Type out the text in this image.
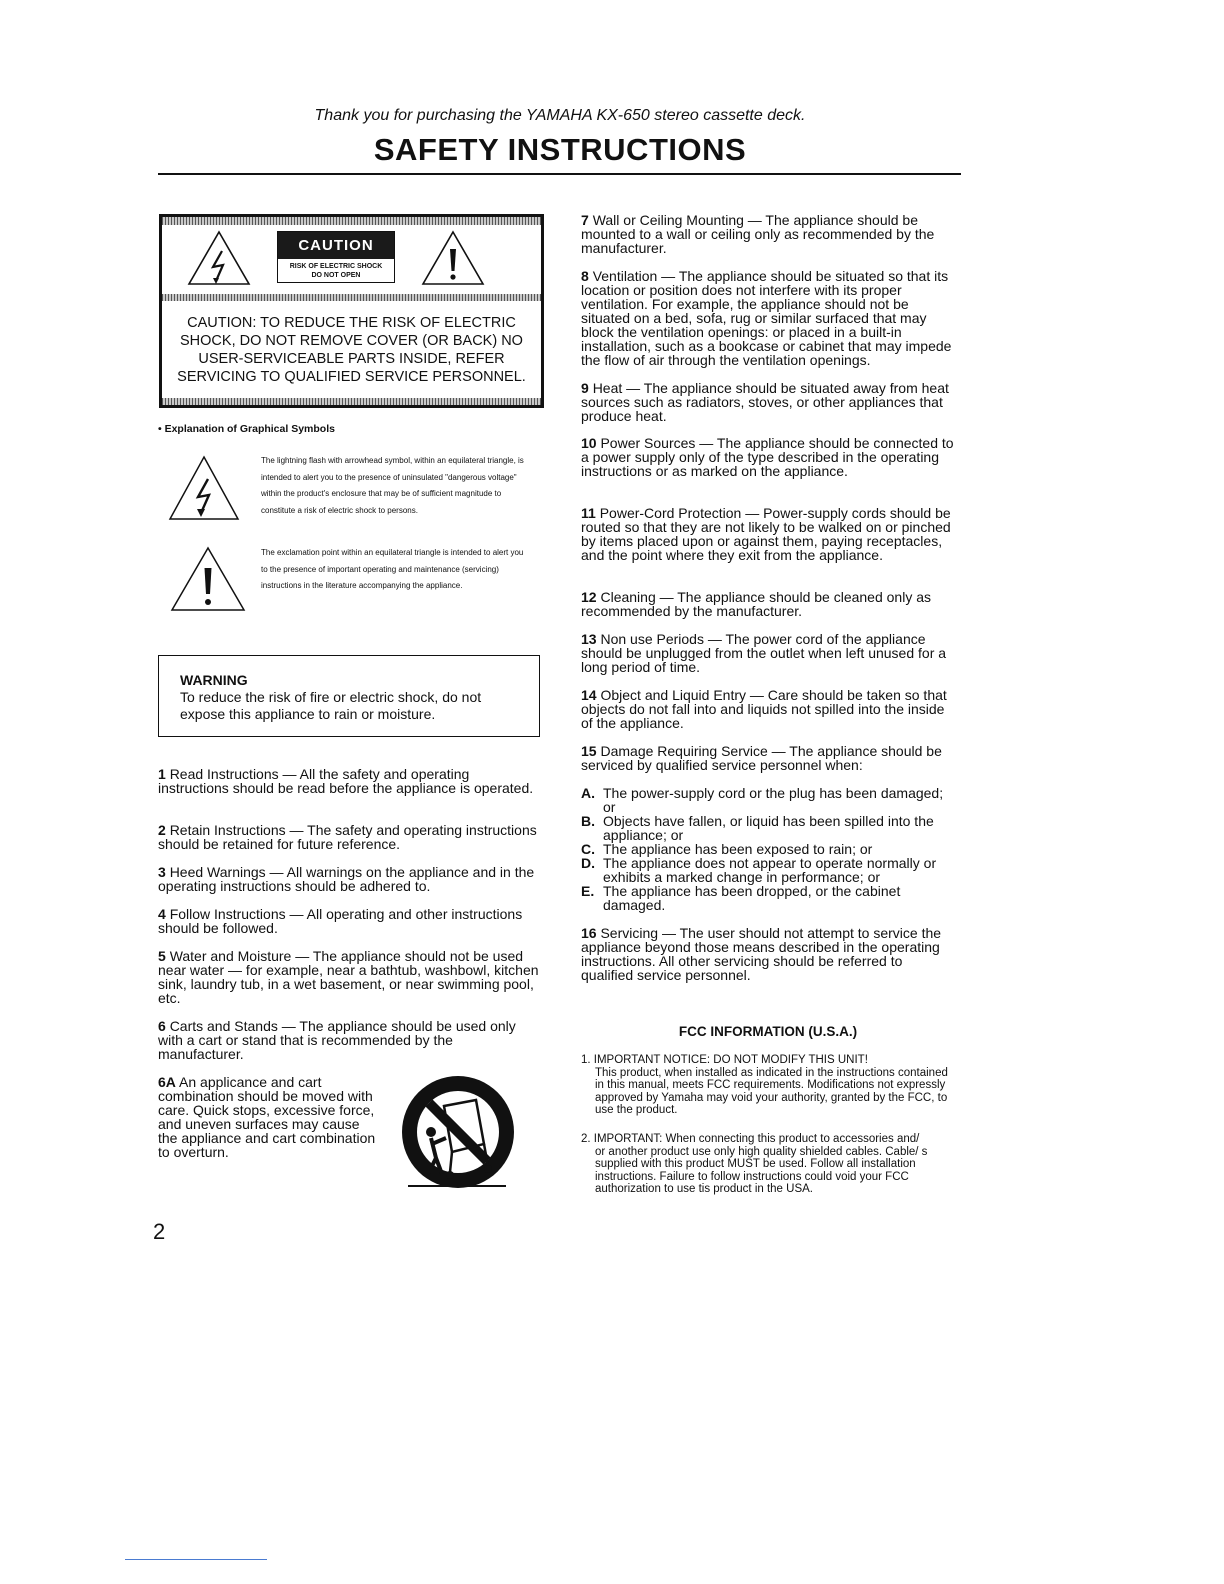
Thank you for purchasing the YAMAHA KX-650 stereo cassette deck.
SAFETY INSTRUCTIONS
CAUTION
RISK OF ELECTRIC SHOCK
DO NOT OPEN
CAUTION: TO REDUCE THE RISK OF ELECTRIC
SHOCK, DO NOT REMOVE COVER (OR BACK) NO
USER-SERVICEABLE PARTS INSIDE, REFER
SERVICING TO QUALIFIED SERVICE PERSONNEL.
• Explanation of Graphical Symbols
The lightning flash with arrowhead symbol, within an equilateral triangle, is intended to alert you to the presence of uninsulated "dangerous voltage" within the product's enclosure that may be of sufficient magnitude to constitute a risk of electric shock to persons.
The exclamation point within an equilateral triangle is intended to alert you to the presence of important operating and maintenance (servicing) instructions in the literature accompanying the appliance.
WARNING
To reduce the risk of fire or electric shock, do not expose this appliance to rain or moisture.
1 Read Instructions — All the safety and operating instructions should be read before the appliance is operated.
2 Retain Instructions — The safety and operating instructions should be retained for future reference.
3 Heed Warnings — All warnings on the appliance and in the operating instructions should be adhered to.
4 Follow Instructions — All operating and other instructions should be followed.
5 Water and Moisture — The appliance should not be used near water — for example, near a bathtub, washbowl, kitchen sink, laundry tub, in a wet basement, or near swimming pool, etc.
6 Carts and Stands — The appliance should be used only with a cart or stand that is recommended by the manufacturer.
6A An applicance and cart combination should be moved with care. Quick stops, excessive force, and uneven surfaces may cause the appliance and cart combination to overturn.
2
7 Wall or Ceiling Mounting — The appliance should be mounted to a wall or ceiling only as recommended by the manufacturer.
8 Ventilation — The appliance should be situated so that its location or position does not interfere with its proper ventilation. For example, the appliance should not be situated on a bed, sofa, rug or similar surfaced that may block the ventilation openings: or placed in a built-in installation, such as a bookcase or cabinet that may impede the flow of air through the ventilation openings.
9 Heat — The appliance should be situated away from heat sources such as radiators, stoves, or other appliances that produce heat.
10 Power Sources — The appliance should be connected to a power supply only of the type described in the operating instructions or as marked on the appliance.
11 Power-Cord Protection — Power-supply cords should be routed so that they are not likely to be walked on or pinched by items placed upon or against them, paying receptacles, and the point where they exit from the appliance.
12 Cleaning — The appliance should be cleaned only as recommended by the manufacturer.
13 Non use Periods — The power cord of the appliance should be unplugged from the outlet when left unused for a long period of time.
14 Object and Liquid Entry — Care should be taken so that objects do not fall into and liquids not spilled into the inside of the appliance.
15 Damage Requiring Service — The appliance should be serviced by qualified service personnel when:
A. The power-supply cord or the plug has been damaged; or
B. Objects have fallen, or liquid has been spilled into the appliance; or
C. The appliance has been exposed to rain; or
D. The appliance does not appear to operate normally or exhibits a marked change in performance; or
E. The appliance has been dropped, or the cabinet damaged.
16 Servicing — The user should not attempt to service the appliance beyond those means described in the operating instructions. All other servicing should be referred to qualified service personnel.
FCC INFORMATION (U.S.A.)
1. IMPORTANT NOTICE: DO NOT MODIFY THIS UNIT!
This product, when installed as indicated in the instructions contained in this manual, meets FCC requirements. Modifications not expressly approved by Yamaha may void your authority, granted by the FCC, to use the product.
2. IMPORTANT: When connecting this product to accessories and/
or another product use only high quality shielded cables. Cable/ s supplied with this product MUST be used. Follow all installation instructions. Failure to follow instructions could void your FCC authorization to use tis product in the USA.
